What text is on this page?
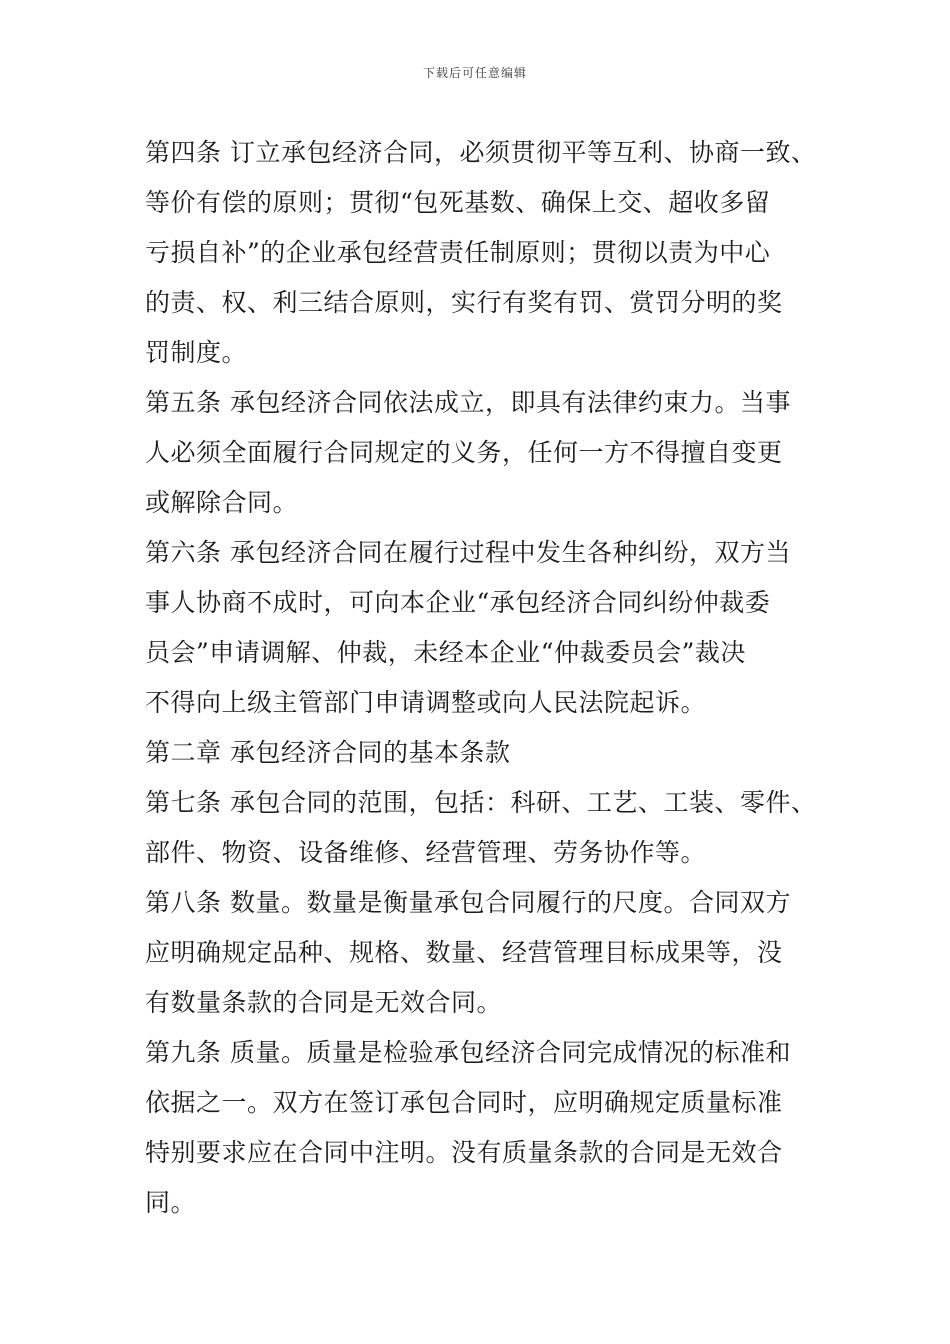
下载后可任意编辑
第四条 订立承包经济合同，必须贯彻平等互利、协商一致、
等价有偿的原则；贯彻“包死基数、确保上交、超收多留
亏损自补”的企业承包经营责任制原则；贯彻以责为中心
的责、权、利三结合原则，实行有奖有罚、赏罚分明的奖
罚制度。
第五条 承包经济合同依法成立，即具有法律约束力。当事
人必须全面履行合同规定的义务，任何一方不得擅自变更
或解除合同。
第六条 承包经济合同在履行过程中发生各种纠纷，双方当
事人协商不成时，可向本企业“承包经济合同纠纷仲裁委
员会”申请调解、仲裁，未经本企业“仲裁委员会”裁决
不得向上级主管部门申请调整或向人民法院起诉。
第二章 承包经济合同的基本条款
第七条 承包合同的范围，包括：科研、工艺、工装、零件、
部件、物资、设备维修、经营管理、劳务协作等。
第八条 数量。数量是衡量承包合同履行的尺度。合同双方
应明确规定品种、规格、数量、经营管理目标成果等，没
有数量条款的合同是无效合同。
第九条 质量。质量是检验承包经济合同完成情况的标准和
依据之一。双方在签订承包合同时，应明确规定质量标准
特别要求应在合同中注明。没有质量条款的合同是无效合
同。
